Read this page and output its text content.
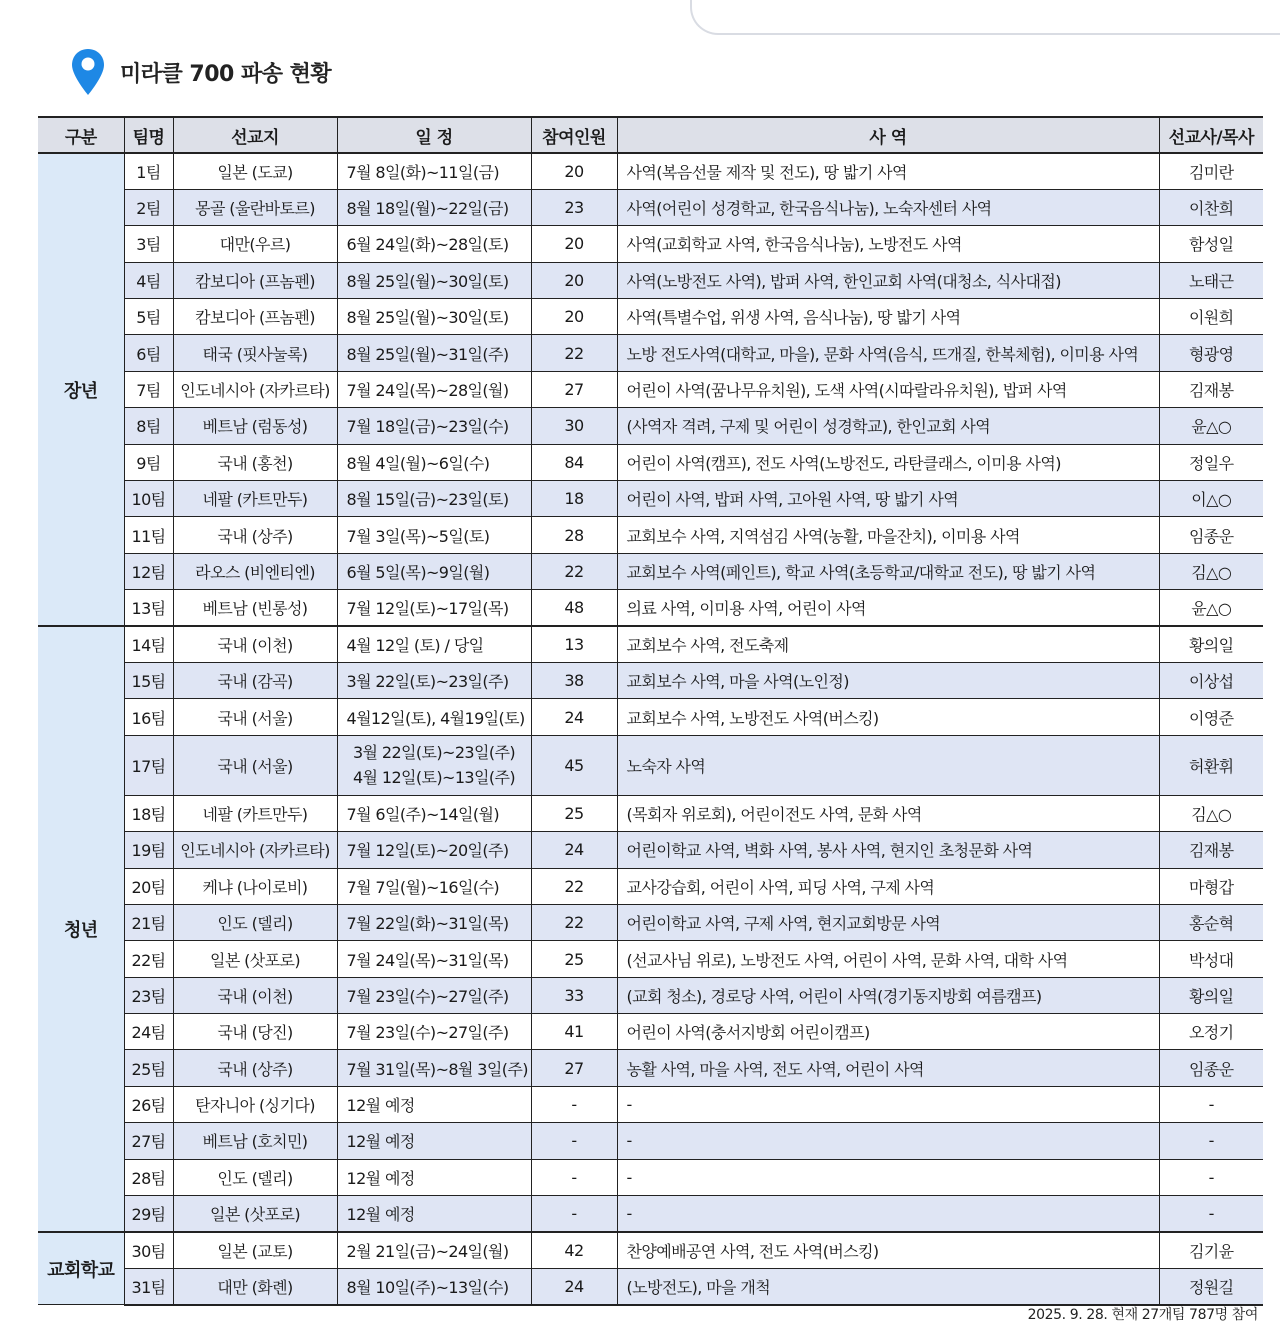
미라클 700 파송 현황
구분	팀명	선교지	일 정	참여인원	사 역	선교사/목사
장년	1팀	일본 (도쿄)	7월 8일(화)~11일(금)	20	사역(복음선물 제작 및 전도), 땅 밟기 사역	김미란
	2팀	몽골 (울란바토르)	8월 18일(월)~22일(금)	23	사역(어린이 성경학교, 한국음식나눔), 노숙자센터 사역	이찬희
	3팀	대만(우르)	6월 24일(화)~28일(토)	20	사역(교회학교 사역, 한국음식나눔), 노방전도 사역	함성일
	4팀	캄보디아 (프놈펜)	8월 25일(월)~30일(토)	20	사역(노방전도 사역), 밥퍼 사역, 한인교회 사역(대청소, 식사대접)	노태근
	5팀	캄보디아 (프놈펜)	8월 25일(월)~30일(토)	20	사역(특별수업, 위생 사역, 음식나눔), 땅 밟기 사역	이원희
	6팀	태국 (핏사눌록)	8월 25일(월)~31일(주)	22	노방 전도사역(대학교, 마을), 문화 사역(음식, 뜨개질, 한복체험), 이미용 사역	형광영
	7팀	인도네시아 (자카르타)	7월 24일(목)~28일(월)	27	어린이 사역(꿈나무유치원), 도색 사역(시따랄라유치원), 밥퍼 사역	김재봉
	8팀	베트남 (럼동성)	7월 18일(금)~23일(수)	30	(사역자 격려, 구제 및 어린이 성경학교), 한인교회 사역	윤△○
	9팀	국내 (홍천)	8월 4일(월)~6일(수)	84	어린이 사역(캠프), 전도 사역(노방전도, 라탄클래스, 이미용 사역)	정일우
	10팀	네팔 (카트만두)	8월 15일(금)~23일(토)	18	어린이 사역, 밥퍼 사역, 고아원 사역, 땅 밟기 사역	이△○
	11팀	국내 (상주)	7월 3일(목)~5일(토)	28	교회보수 사역, 지역섬김 사역(농활, 마을잔치), 이미용 사역	임종운
	12팀	라오스 (비엔티엔)	6월 5일(목)~9일(월)	22	교회보수 사역(페인트), 학교 사역(초등학교/대학교 전도), 땅 밟기 사역	김△○
	13팀	베트남 (빈롱성)	7월 12일(토)~17일(목)	48	의료 사역, 이미용 사역, 어린이 사역	윤△○
청년	14팀	국내 (이천)	4월 12일 (토) / 당일	13	교회보수 사역, 전도축제	황의일
	15팀	국내 (감곡)	3월 22일(토)~23일(주)	38	교회보수 사역, 마을 사역(노인정)	이상섭
	16팀	국내 (서울)	4월12일(토), 4월19일(토)	24	교회보수 사역, 노방전도 사역(버스킹)	이영준
	17팀	국내 (서울)	3월 22일(토)~23일(주)
4월 12일(토)~13일(주)	45	노숙자 사역	허환휘
	18팀	네팔 (카트만두)	7월 6일(주)~14일(월)	25	(목회자 위로회), 어린이전도 사역, 문화 사역	김△○
	19팀	인도네시아 (자카르타)	7월 12일(토)~20일(주)	24	어린이학교 사역, 벽화 사역, 봉사 사역, 현지인 초청문화 사역	김재봉
	20팀	케냐 (나이로비)	7월 7일(월)~16일(수)	22	교사강습회, 어린이 사역, 피딩 사역, 구제 사역	마형갑
	21팀	인도 (델리)	7월 22일(화)~31일(목)	22	어린이학교 사역, 구제 사역, 현지교회방문 사역	홍순혁
	22팀	일본 (삿포로)	7월 24일(목)~31일(목)	25	(선교사님 위로), 노방전도 사역, 어린이 사역, 문화 사역, 대학 사역	박성대
	23팀	국내 (이천)	7월 23일(수)~27일(주)	33	(교회 청소), 경로당 사역, 어린이 사역(경기동지방회 여름캠프)	황의일
	24팀	국내 (당진)	7월 23일(수)~27일(주)	41	어린이 사역(충서지방회 어린이캠프)	오정기
	25팀	국내 (상주)	7월 31일(목)~8월 3일(주)	27	농활 사역, 마을 사역, 전도 사역, 어린이 사역	임종운
	26팀	탄자니아 (싱기다)	12월 예정	-	-	-
	27팀	베트남 (호치민)	12월 예정	-	-	-
	28팀	인도 (델리)	12월 예정	-	-	-
	29팀	일본 (삿포로)	12월 예정	-	-	-
교회학교	30팀	일본 (교토)	2월 21일(금)~24일(월)	42	찬양예배공연 사역, 전도 사역(버스킹)	김기윤
	31팀	대만 (화롄)	8월 10일(주)~13일(수)	24	(노방전도), 마을 개척	정원길
2025. 9. 28. 현재 27개팀 787명 참여
